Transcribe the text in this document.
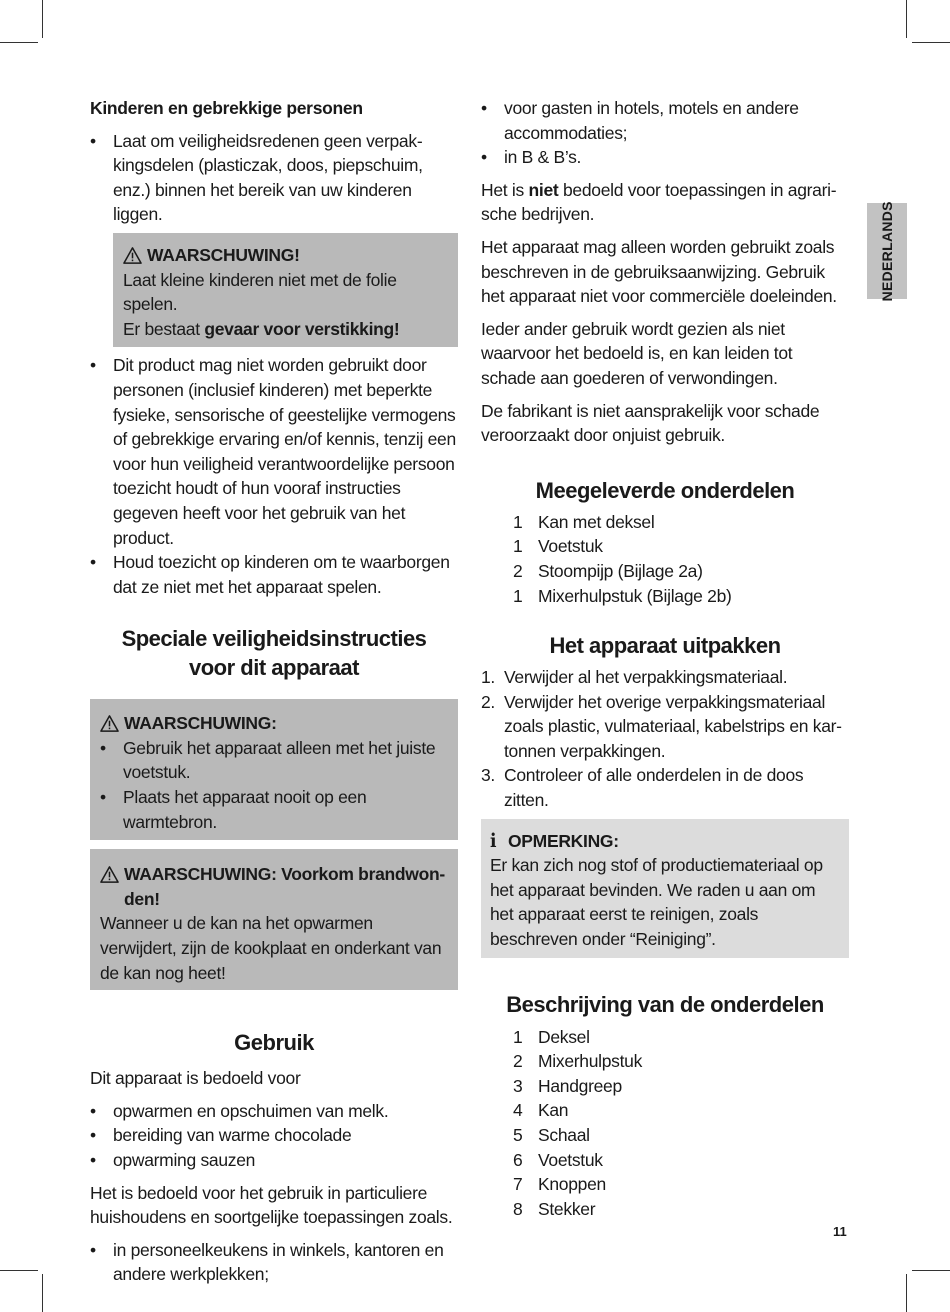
Kinderen en gebrekkige personen
• Laat om veiligheidsredenen geen verpakkingsdelen (plasticzak, doos, piepschuim, enz.) binnen het bereik van uw kinderen liggen.
WAARSCHUWING!
Laat kleine kinderen niet met de folie spelen.
Er bestaat gevaar voor verstikking!
• Dit product mag niet worden gebruikt door personen (inclusief kinderen) met beperkte fysieke, sensorische of geestelijke vermogens of gebrekkige ervaring en/of kennis, tenzij een voor hun veiligheid verantwoordelijke persoon toezicht houdt of hun vooraf instructies gegeven heeft voor het gebruik van het product.
• Houd toezicht op kinderen om te waarborgen dat ze niet met het apparaat spelen.
Speciale veiligheidsinstructies voor dit apparaat
WAARSCHUWING:
• Gebruik het apparaat alleen met het juiste voetstuk.
• Plaats het apparaat nooit op een warmtebron.
WAARSCHUWING: Voorkom brandwonden!
Wanneer u de kan na het opwarmen verwijdert, zijn de kookplaat en onderkant van de kan nog heet!
Gebruik

Dit apparaat is bedoeld voor

• opwarmen en opschuimen van melk.
• bereiding van warme chocolade
• opwarming sauzen

Het is bedoeld voor het gebruik in particuliere huishoudens en soortgelijke toepassingen zoals.

• in personeelkeukens in winkels, kantoren en andere werkplekken;
• voor gasten in hotels, motels en andere accommodaties;
• in B & B’s.

Het is niet bedoeld voor toepassingen in agrarische bedrijven.

Het apparaat mag alleen worden gebruikt zoals beschreven in de gebruiksaanwijzing. Gebruik het apparaat niet voor commerciële doeleinden.

Ieder ander gebruik wordt gezien als niet waarvoor het bedoeld is, en kan leiden tot schade aan goederen of verwondingen.

De fabrikant is niet aansprakelijk voor schade veroorzaakt door onjuist gebruik.

Meegeleverde onderdelen
1 Kan met deksel
1 Voetstuk
2 Stoompijp (Bijlage 2a)
1 Mixerhulpstuk (Bijlage 2b)
Het apparaat uitpakken
1. Verwijder al het verpakkingsmateriaal.
2. Verwijder het overige verpakkingsmateriaal zoals plastic, vulmateriaal, kabelstrips en kartonnen verpakkingen.
3. Controleer of alle onderdelen in de doos zitten.
i OPMERKING:
Er kan zich nog stof of productiemateriaal op het apparaat bevinden. We raden u aan om het apparaat eerst te reinigen, zoals beschreven onder “Reiniging”.
Beschrijving van de onderdelen
1 Deksel
2 Mixerhulpstuk
3 Handgreep
4 Kan
5 Schaal
6 Voetstuk
7 Knoppen
8 Stekker
NEDERLANDS
11
